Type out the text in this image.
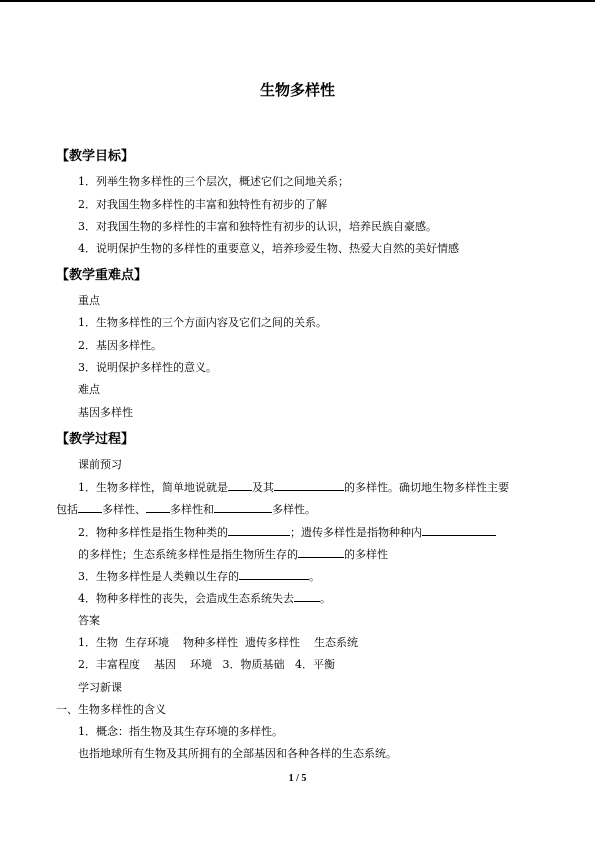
生物多样性
【教学目标】
1．列举生物多样性的三个层次，概述它们之间地关系；
2．对我国生物多样性的丰富和独特性有初步的了解
3．对我国生物的多样性的丰富和独特性有初步的认识，培养民族自豪感。
4．说明保护生物的多样性的重要意义，培养珍爱生物、热爱大自然的美好情感
【教学重难点】
重点
1．生物多样性的三个方面内容及它们之间的关系。
2．基因多样性。
3．说明保护多样性的意义。
难点
基因多样性
【教学过程】
课前预习
1．生物多样性，简单地说就是 及其	的多样性。确切地生物多样性主要
包括 多样性、 多样性和	多样性。
2．物种多样性是指生物种类的	；遗传多样性是指物种种内
的多样性；生态系统多样性是指生物所生存的	的多样性
3．生物多样性是人类赖以生存的	。
4．物种多样性的丧失，会造成生态系统失去 。
答案
1．生物  生存环境    物种多样性  遗传多样性    生态系统
2．丰富程度    基因    环境   3．物质基础   4．平衡
学习新课
一、生物多样性的含义
1．概念：指生物及其生存环境的多样性。
也指地球所有生物及其所拥有的全部基因和各种各样的生态系统。
1 / 5
